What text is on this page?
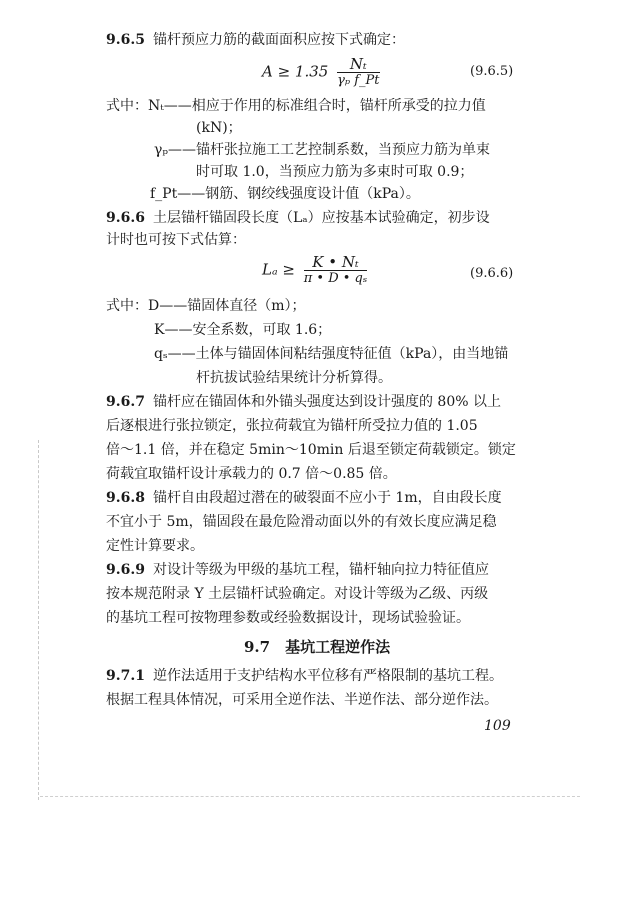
9.6.5 锚杆预应力筋的截面面积应按下式确定：
$A \ge 1.35 \frac{\text{Nₜ}}{\text{γₚ f\_Pt}}$	(9.6.5)
式中：Nₜ——相应于作用的标准组合时，锚杆所承受的拉力值
(kN)；
γₚ——锚杆张拉施工工艺控制系数，当预应力筋为单束
时可取 1.0，当预应力筋为多束时可取 0.9；
f_Pt——钢筋、钢绞线强度设计值（kPa）。
9.6.6 土层锚杆锚固段长度（Lₐ）应按基本试验确定，初步设
计时也可按下式估算：
$L_a \ge \frac{\text{K • Nₜ}}{\text{π • D • qₛ}}$	(9.6.6)
式中：D——锚固体直径（m）；
K——安全系数，可取 1.6；
qₛ——土体与锚固体间粘结强度特征值（kPa），由当地锚
杆抗拔试验结果统计分析算得。
9.6.7 锚杆应在锚固体和外锚头强度达到设计强度的 80% 以上
后逐根进行张拉锁定，张拉荷载宜为锚杆所受拉力值的 1.05
倍～1.1 倍，并在稳定 5min～10min 后退至锁定荷载锁定。锁定
荷载宜取锚杆设计承载力的 0.7 倍～0.85 倍。
9.6.8 锚杆自由段超过潜在的破裂面不应小于 1m，自由段长度
不宜小于 5m，锚固段在最危险滑动面以外的有效长度应满足稳
定性计算要求。
9.6.9 对设计等级为甲级的基坑工程，锚杆轴向拉力特征值应
按本规范附录 Y 土层锚杆试验确定。对设计等级为乙级、丙级
的基坑工程可按物理参数或经验数据设计，现场试验验证。
9.7　基坑工程逆作法
9.7.1 逆作法适用于支护结构水平位移有严格限制的基坑工程。
根据工程具体情况，可采用全逆作法、半逆作法、部分逆作法。
109
